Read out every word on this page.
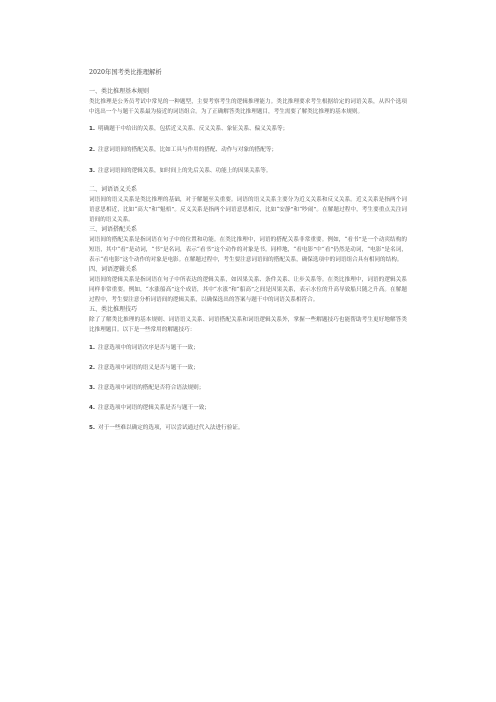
2020年国考类比推理解析

一、类比推理基本规则

类比推理是公务员考试中常见的一种题型，主要考察考生的逻辑推理能力。类比推理要求考生根据给定的词语关系，从四个选项中选出一个与题干关系最为接近的词语组合。为了正确解答类比推理题目，考生需要了解类比推理的基本规则。

1. 明确题干中给出的关系，包括近义关系、反义关系、象征关系、偏义关系等；
2. 注意词语间的搭配关系，比如工具与作用的搭配、动作与对象的搭配等；
3. 注意词语间的逻辑关系，如时间上的先后关系、功能上的因果关系等。

二、词语语义关系

词语间的语义关系是类比推理的基础，对于解题至关重要。词语的语义关系主要分为近义关系和反义关系。近义关系是指两个词语意思相近，比如“高大”和“魁梧”。反义关系是指两个词语意思相反，比如“安静”和“吵闹”。在解题过程中，考生要重点关注词语间的语义关系。

三、词语搭配关系

词语间的搭配关系是指词语在句子中的位置和功能。在类比推理中，词语的搭配关系非常重要。例如，“看书”是一个动宾结构的短语，其中“看”是动词，“书”是名词，表示“看书”这个动作的对象是书。同样地，“看电影”中“看”仍然是动词，“电影”是名词，表示“看电影”这个动作的对象是电影。在解题过程中，考生要注意词语间的搭配关系，确保选项中的词语组合具有相同的结构。

四、词语逻辑关系

词语间的逻辑关系是指词语在句子中所表达的逻辑关系，如因果关系、条件关系、让步关系等。在类比推理中，词语的逻辑关系同样非常重要。例如，“水涨船高”这个成语，其中“水涨”和“船高”之间是因果关系，表示水位的升高导致船只随之升高。在解题过程中，考生要注意分析词语间的逻辑关系，以确保选出的答案与题干中的词语关系相符合。

五、类比推理技巧

除了了解类比推理的基本规则、词语语义关系、词语搭配关系和词语逻辑关系外，掌握一些解题技巧也能帮助考生更好地解答类比推理题目。以下是一些常用的解题技巧：

1. 注意选项中的词语次序是否与题干一致；
2. 注意选项中词语的语义是否与题干一致；
3. 注意选项中词语的搭配是否符合语法规则；
4. 注意选项中词语的逻辑关系是否与题干一致；
5. 对于一些难以确定的选项，可以尝试通过代入法进行验证。
